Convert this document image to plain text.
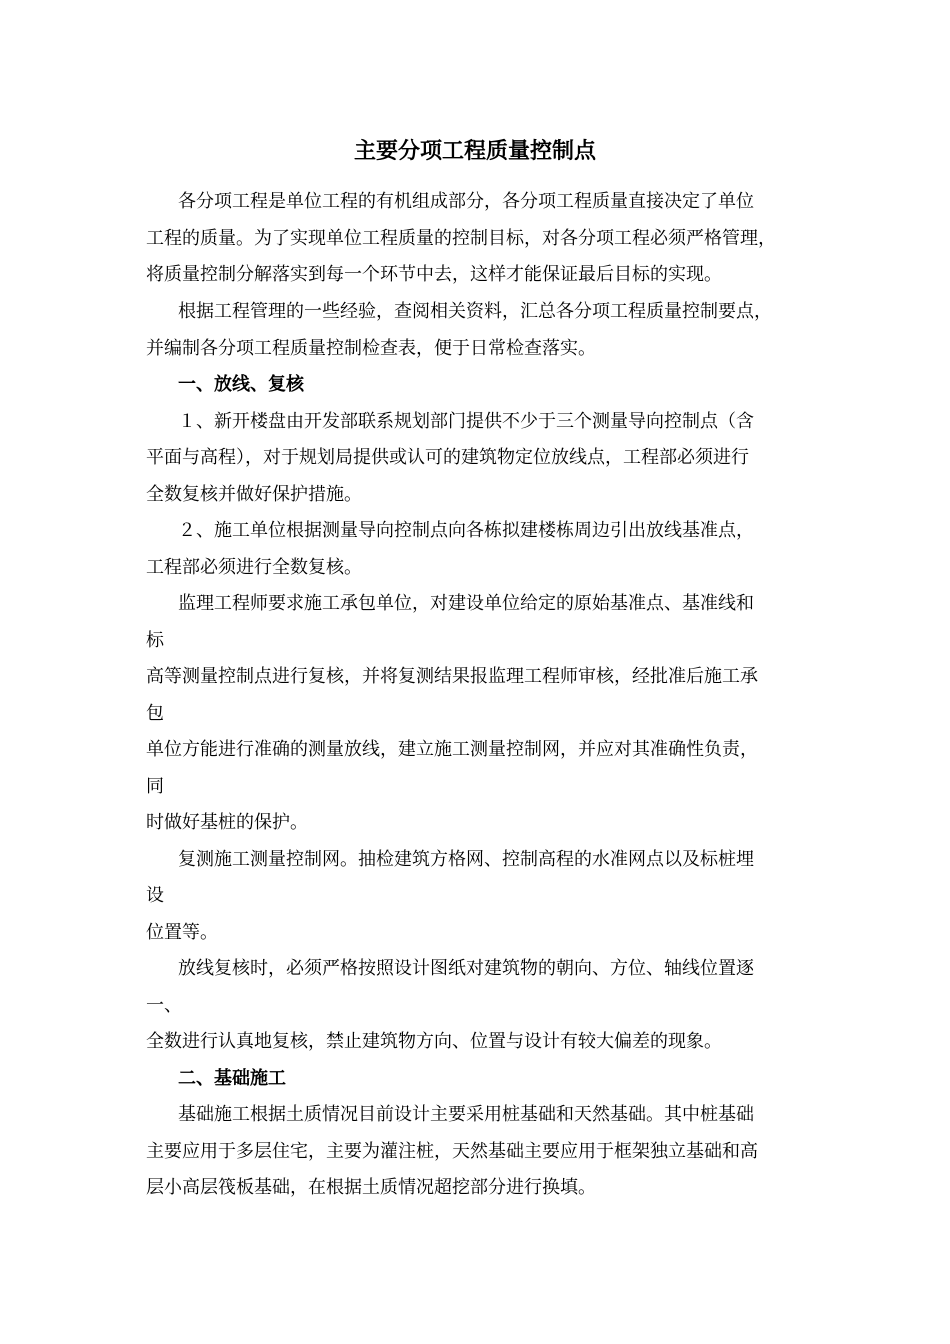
主要分项工程质量控制点
各分项工程是单位工程的有机组成部分，各分项工程质量直接决定了单位
工程的质量。为了实现单位工程质量的控制目标，对各分项工程必须严格管理，
将质量控制分解落实到每一个环节中去，这样才能保证最后目标的实现。
根据工程管理的一些经验，查阅相关资料，汇总各分项工程质量控制要点，
并编制各分项工程质量控制检查表，便于日常检查落实。
一、放线、复核
１、新开楼盘由开发部联系规划部门提供不少于三个测量导向控制点（含
平面与高程），对于规划局提供或认可的建筑物定位放线点，工程部必须进行
全数复核并做好保护措施。
２、施工单位根据测量导向控制点向各栋拟建楼栋周边引出放线基准点，
工程部必须进行全数复核。
监理工程师要求施工承包单位，对建设单位给定的原始基准点、基准线和
标
高等测量控制点进行复核，并将复测结果报监理工程师审核，经批准后施工承
包
单位方能进行准确的测量放线，建立施工测量控制网，并应对其准确性负责，
同
时做好基桩的保护。
复测施工测量控制网。抽检建筑方格网、控制高程的水准网点以及标桩埋
设
位置等。
放线复核时，必须严格按照设计图纸对建筑物的朝向、方位、轴线位置逐
一、
全数进行认真地复核，禁止建筑物方向、位置与设计有较大偏差的现象。
二、基础施工
基础施工根据土质情况目前设计主要采用桩基础和天然基础。其中桩基础
主要应用于多层住宅，主要为灌注桩，天然基础主要应用于框架独立基础和高
层小高层筏板基础，在根据土质情况超挖部分进行换填。
